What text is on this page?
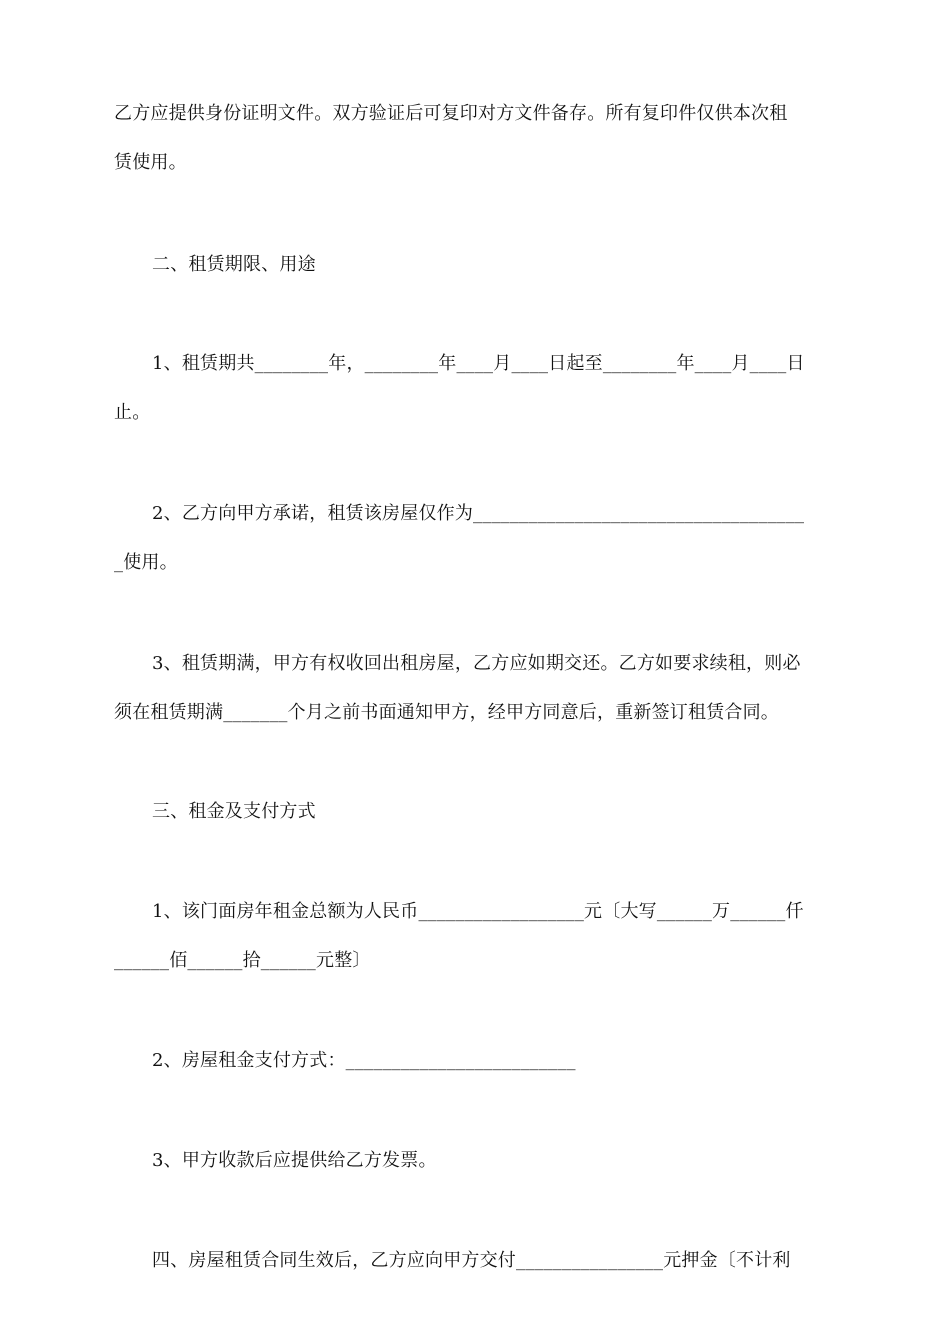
乙方应提供身份证明文件。双方验证后可复印对方文件备存。所有复印件仅供本次租

赁使用。

二、租赁期限、用途

1、租赁期共________年，________年____月____日起至________年____月____日

止。

2、乙方向甲方承诺，租赁该房屋仅作为____________________________________

_使用。

3、租赁期满，甲方有权收回出租房屋，乙方应如期交还。乙方如要求续租，则必

须在租赁期满_______个月之前书面通知甲方，经甲方同意后，重新签订租赁合同。

三、租金及支付方式

1、该门面房年租金总额为人民币__________________元〔大写______万______仟

______佰______拾______元整〕

2、房屋租金支付方式：_________________________

3、甲方收款后应提供给乙方发票。

四、房屋租赁合同生效后，乙方应向甲方交付________________元押金〔不计利
